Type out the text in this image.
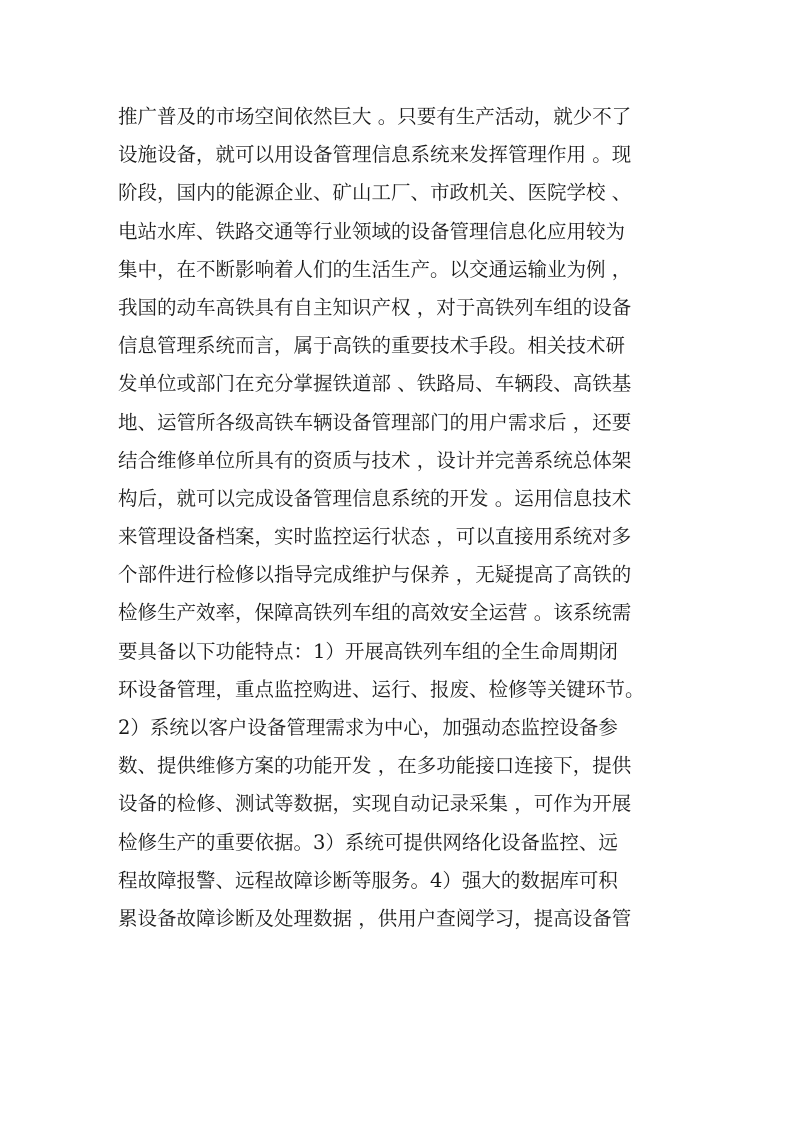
推广普及的市场空间依然巨大 。只要有生产活动，就少不了
设施设备，就可以用设备管理信息系统来发挥管理作用 。现
阶段，国内的能源企业、矿山工厂、市政机关、医院学校 、
电站水库、铁路交通等行业领域的设备管理信息化应用较为
集中，在不断影响着人们的生活生产。以交通运输业为例 ，
我国的动车高铁具有自主知识产权 ，对于高铁列车组的设备
信息管理系统而言，属于高铁的重要技术手段。相关技术研
发单位或部门在充分掌握铁道部 、铁路局、车辆段、高铁基
地、运管所各级高铁车辆设备管理部门的用户需求后 ，还要
结合维修单位所具有的资质与技术 ，设计并完善系统总体架
构后，就可以完成设备管理信息系统的开发 。运用信息技术
来管理设备档案，实时监控运行状态 ，可以直接用系统对多
个部件进行检修以指导完成维护与保养 ，无疑提高了高铁的
检修生产效率，保障高铁列车组的高效安全运营 。该系统需
要具备以下功能特点：1）开展高铁列车组的全生命周期闭
环设备管理，重点监控购进、运行、报废、检修等关键环节。
2）系统以客户设备管理需求为中心，加强动态监控设备参
数、提供维修方案的功能开发 ，在多功能接口连接下，提供
设备的检修、测试等数据，实现自动记录采集 ，可作为开展
检修生产的重要依据。3）系统可提供网络化设备监控、远
程故障报警、远程故障诊断等服务。4）强大的数据库可积
累设备故障诊断及处理数据 ，供用户查阅学习，提高设备管
